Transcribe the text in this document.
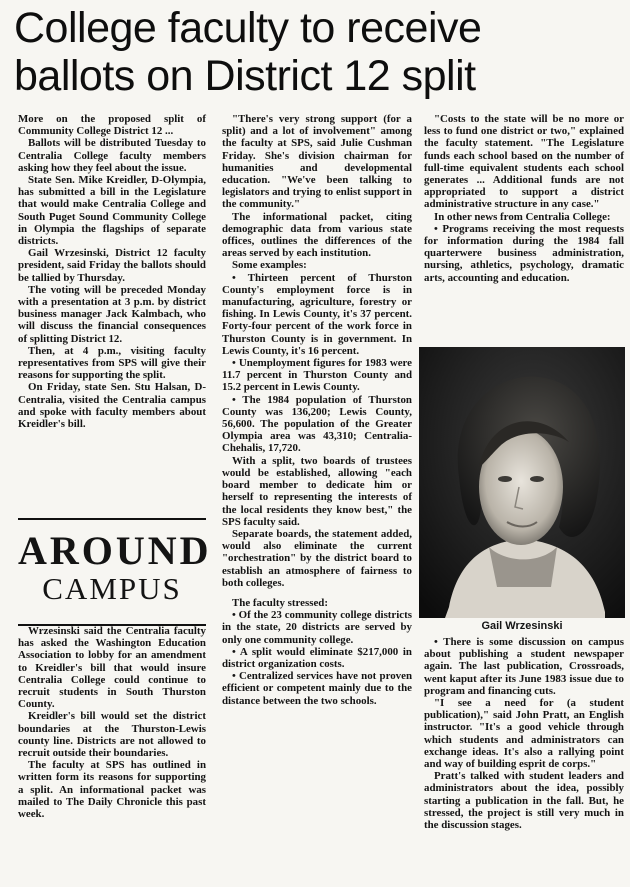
College faculty to receive
ballots on District 12 split

More on the proposed split of Community College District 12 ...

Ballots will be distributed Tuesday to Centralia College faculty members asking how they feel about the issue.

State Sen. Mike Kreidler, D-Olympia, has submitted a bill in the Legislature that would make Centralia College and South Puget Sound Community College in Olympia the flagships of separate districts.

Gail Wrzesinski, District 12 faculty president, said Friday the ballots should be tallied by Thursday.

The voting will be preceded Monday with a presentation at 3 p.m. by district business manager Jack Kalmbach, who will discuss the financial consequences of splitting District 12.

Then, at 4 p.m., visiting faculty representatives from SPS will give their reasons for supporting the split.

On Friday, state Sen. Stu Halsan, D-Centralia, visited the Centralia campus and spoke with faculty members about Kreidler's bill.

AROUND
CAMPUS

Wrzesinski said the Centralia faculty has asked the Washington Education Association to lobby for an amendment to Kreidler's bill that would insure Centralia College could continue to recruit students in South Thurston County.

Kreidler's bill would set the district boundaries at the Thurston-Lewis county line. Districts are not allowed to recruit outside their boundaries.

The faculty at SPS has outlined in written form its reasons for supporting a split. An informational packet was mailed to The Daily Chronicle this past week.

"There's very strong support (for a split) and a lot of involvement" among the faculty at SPS, said Julie Cushman Friday. She's division chairman for humanities and developmental education. "We've been talking to legislators and trying to enlist support in the community."

The informational packet, citing demographic data from various state offices, outlines the differences of the areas served by each institution.

Some examples:

• Thirteen percent of Thurston County's employment force is in manufacturing, agriculture, forestry or fishing. In Lewis County, it's 37 percent. Forty-four percent of the work force in Thurston County is in government. In Lewis County, it's 16 percent.

• Unemployment figures for 1983 were 11.7 percent in Thurston County and 15.2 percent in Lewis County.

• The 1984 population of Thurston County was 136,200; Lewis County, 56,600. The population of the Greater Olympia area was 43,310; Centralia-Chehalis, 17,720.

With a split, two boards of trustees would be established, allowing "each board member to dedicate him or herself to representing the interests of the local residents they know best," the SPS faculty said.

Separate boards, the statement added, would also eliminate the current "orchestration" by the district board to establish an atmosphere of fairness to both colleges.

The faculty stressed:

• Of the 23 community college districts in the state, 20 districts are served by only one community college.

• A split would eliminate $217,000 in district organization costs.

• Centralized services have not proven efficient or competent mainly due to the distance between the two schools.

"Costs to the state will be no more or less to fund one district or two," explained the faculty statement. "The Legislature funds each school based on the number of full-time equivalent students each school generates ... Additional funds are not appropriated to support a district administrative structure in any case."

In other news from Centralia College:

• Programs receiving the most requests for information during the 1984 fall quarterwere business administration, nursing, athletics, psychology, dramatic arts, accounting and education.

Gail Wrzesinski

• There is some discussion on campus about publishing a student newspaper again. The last publication, Crossroads, went kaput after its June 1983 issue due to program and financing cuts.

"I see a need for (a student publication)," said John Pratt, an English instructor. "It's a good vehicle through which students and administrators can exchange ideas. It's also a rallying point and way of building esprit de corps."

Pratt's talked with student leaders and administrators about the idea, possibly starting a publication in the fall. But, he stressed, the project is still very much in the discussion stages.
